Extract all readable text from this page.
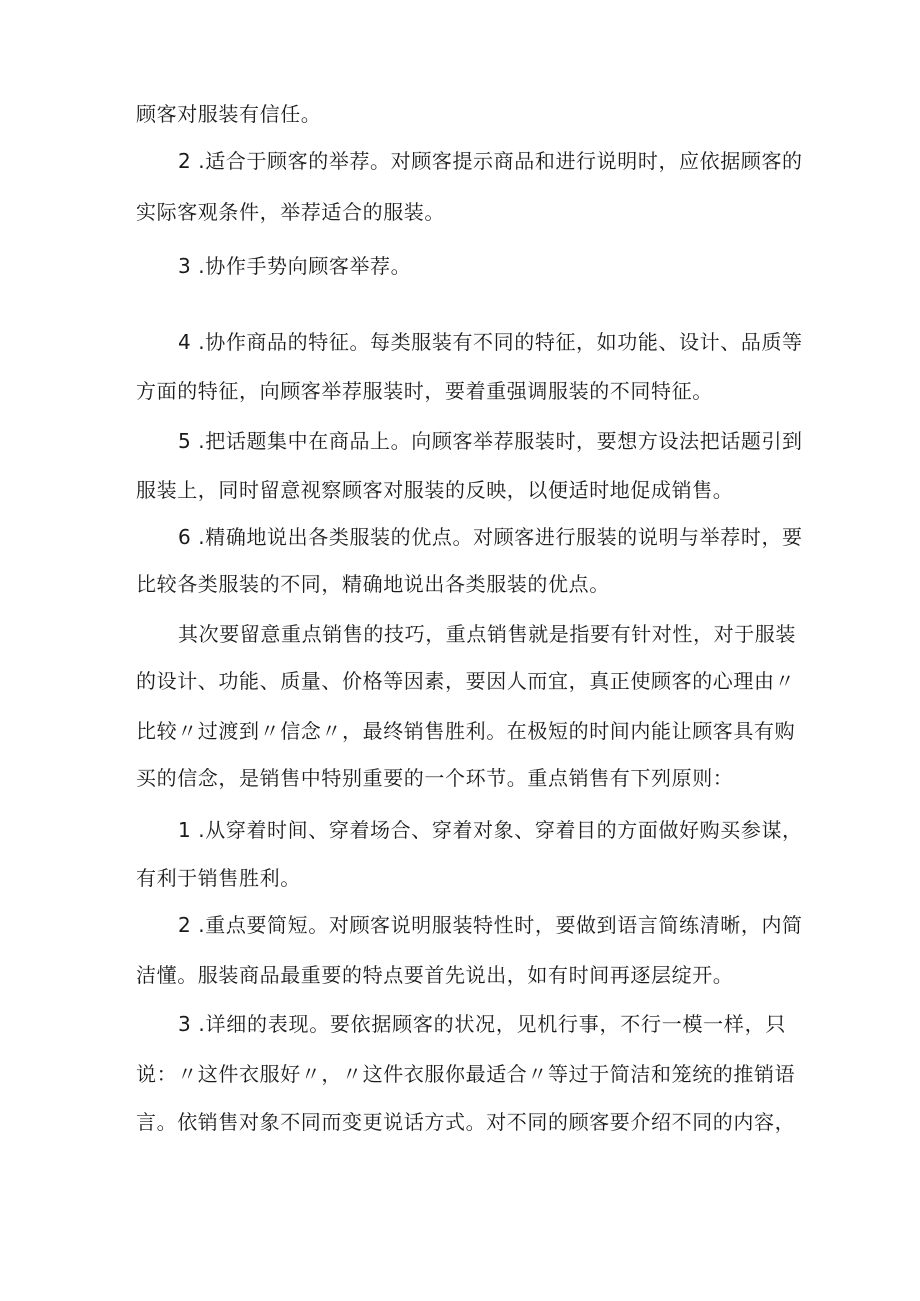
顾客对服装有信任。
2 .适合于顾客的举荐。对顾客提示商品和进行说明时，应依据顾客的
实际客观条件，举荐适合的服装。
3 .协作手势向顾客举荐。
4 .协作商品的特征。每类服装有不同的特征，如功能、设计、品质等
方面的特征，向顾客举荐服装时，要着重强调服装的不同特征。
5 .把话题集中在商品上。向顾客举荐服装时，要想方设法把话题引到
服装上，同时留意视察顾客对服装的反映，以便适时地促成销售。
6 .精确地说出各类服装的优点。对顾客进行服装的说明与举荐时，要
比较各类服装的不同，精确地说出各类服装的优点。
其次要留意重点销售的技巧，重点销售就是指要有针对性，对于服装
的设计、功能、质量、价格等因素，要因人而宜，真正使顾客的心理由〃
比较〃过渡到〃信念〃，最终销售胜利。在极短的时间内能让顾客具有购
买的信念，是销售中特别重要的一个环节。重点销售有下列原则：
1 .从穿着时间、穿着场合、穿着对象、穿着目的方面做好购买参谋，
有利于销售胜利。
2 .重点要简短。对顾客说明服装特性时，要做到语言简练清晰，内简
洁懂。服装商品最重要的特点要首先说出，如有时间再逐层绽开。
3 .详细的表现。要依据顾客的状况，见机行事，不行一模一样，只
说：〃这件衣服好〃，〃这件衣服你最适合〃等过于简洁和笼统的推销语
言。依销售对象不同而变更说话方式。对不同的顾客要介绍不同的内容，
